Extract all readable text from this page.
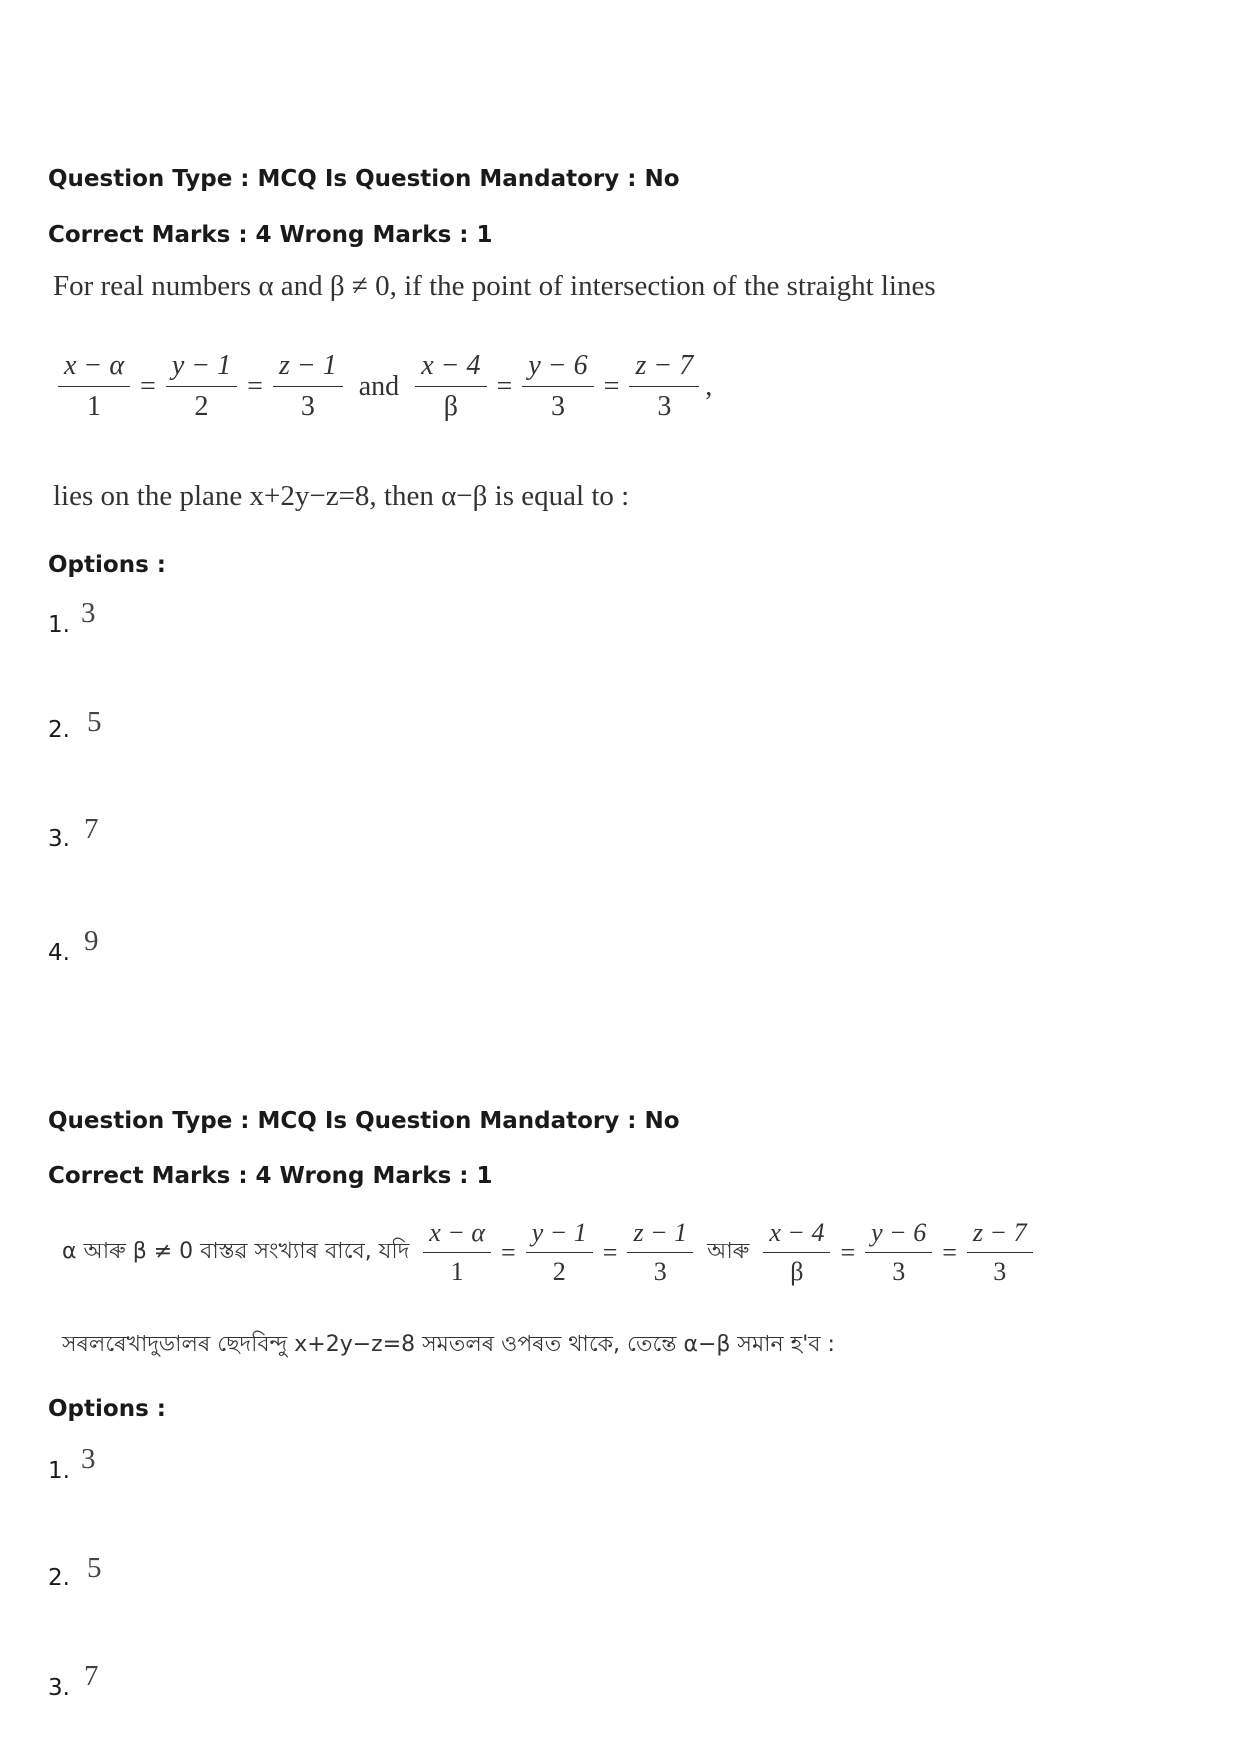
Question Type : MCQ Is Question Mandatory : No
Correct Marks : 4 Wrong Marks : 1
For real numbers α and β ≠ 0, if the point of intersection of the straight lines
$\frac{x - \alpha}{1} = \frac{y - 1}{2} = \frac{z - 1}{3}$ and $\frac{x - 4}{\beta} = \frac{y - 6}{3} = \frac{z - 7}{3}$ ,
lies on the plane x+2y−z=8, then α−β is equal to :
Options :
1. 3
2. 5
3. 7
4. 9
Question Type : MCQ Is Question Mandatory : No
Correct Marks : 4 Wrong Marks : 1
α আৰু β ≠ 0 বাস্তৱ সংখ্যাৰ বাবে, যদি $\frac{x - \alpha}{1} = \frac{y - 1}{2} = \frac{z - 1}{3}$ আৰু $\frac{x - 4}{\beta} = \frac{y - 6}{3} = \frac{z - 7}{3}$
সৰলৰেখাদুডালৰ ছেদবিন্দু x+2y−z=8 সমতলৰ ওপৰত থাকে, তেন্তে α−β সমান হ'ব :
Options :
1. 3
2. 5
3. 7
